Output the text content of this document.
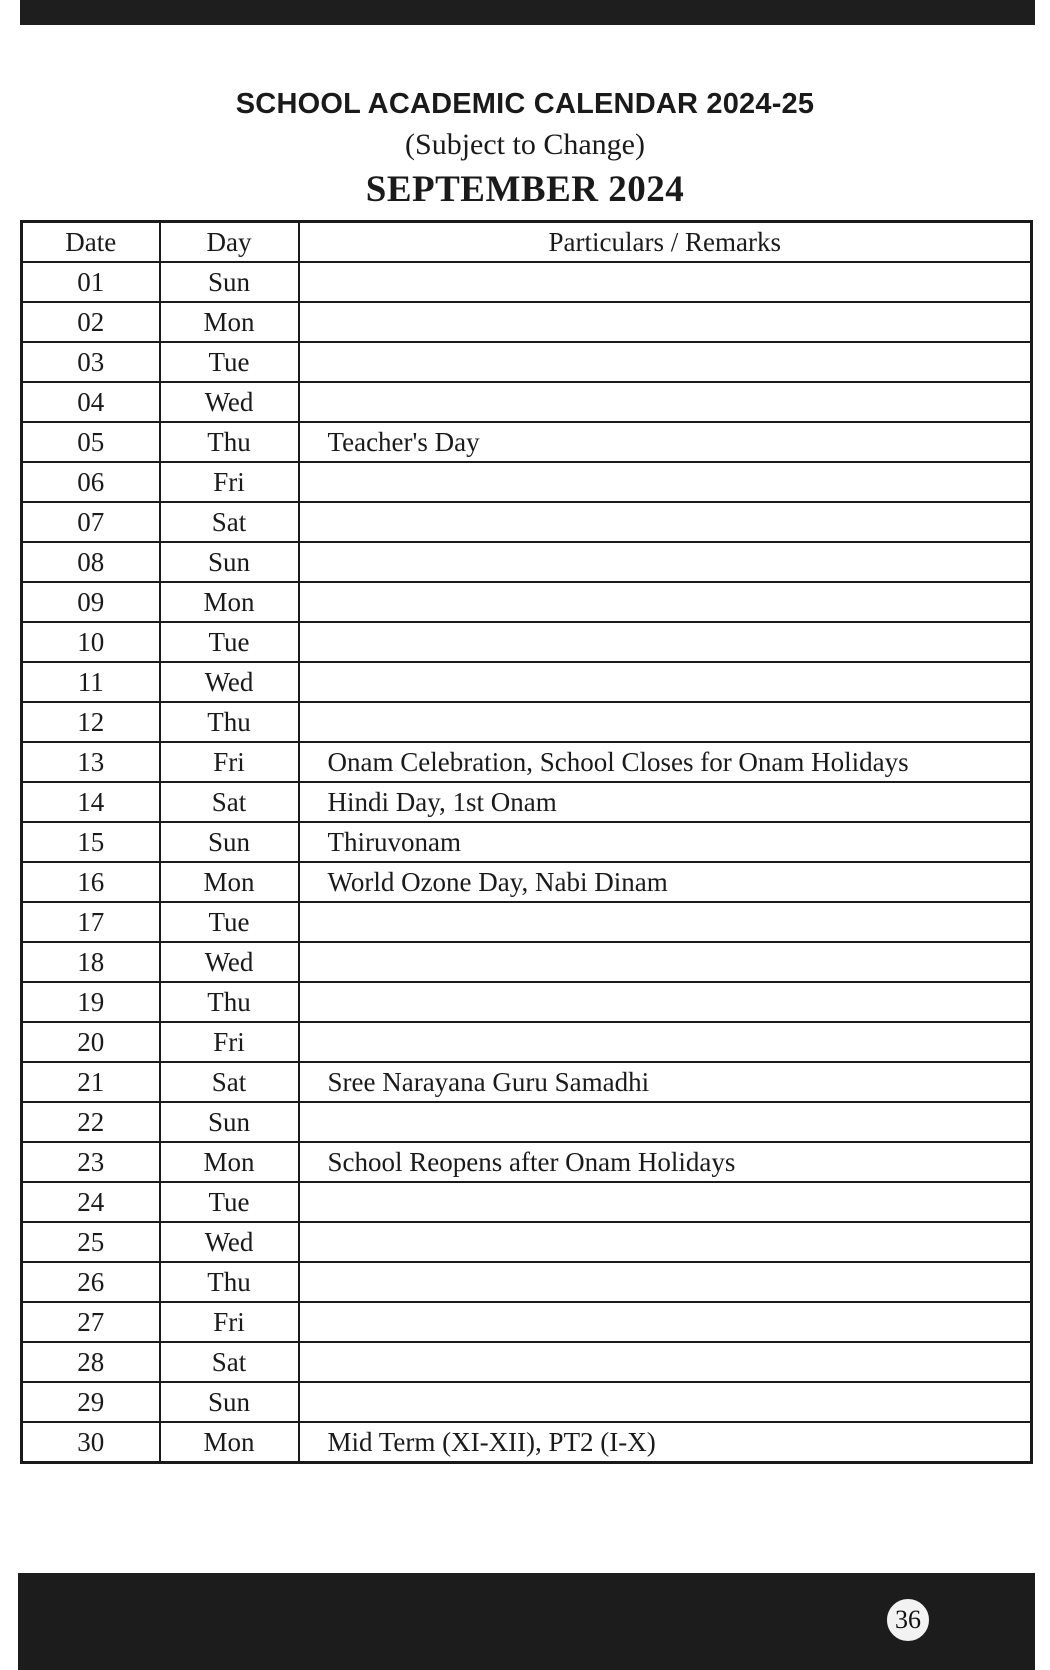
SCHOOL ACADEMIC CALENDAR 2024-25
(Subject to Change)
SEPTEMBER 2024
Date	Day	Particulars / Remarks
01	Sun	
02	Mon	
03	Tue	
04	Wed	
05	Thu	Teacher's Day
06	Fri	
07	Sat	
08	Sun	
09	Mon	
10	Tue	
11	Wed	
12	Thu	
13	Fri	Onam Celebration, School Closes for Onam Holidays
14	Sat	Hindi Day, 1st Onam
15	Sun	Thiruvonam
16	Mon	World Ozone Day, Nabi Dinam
17	Tue	
18	Wed	
19	Thu	
20	Fri	
21	Sat	Sree Narayana Guru Samadhi
22	Sun	
23	Mon	School Reopens after Onam Holidays
24	Tue	
25	Wed	
26	Thu	
27	Fri	
28	Sat	
29	Sun	
30	Mon	Mid Term (XI-XII), PT2 (I-X)
36
